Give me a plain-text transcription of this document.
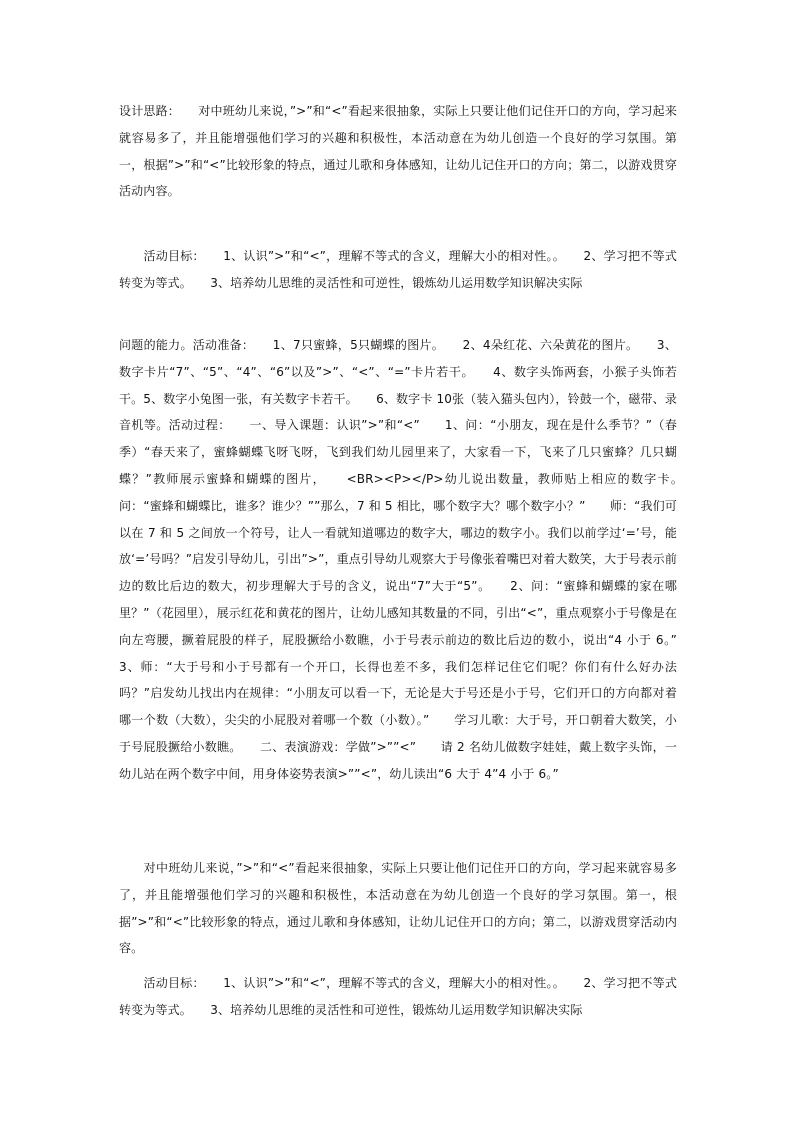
设计思路：　　对中班幼儿来说，”>”和“<”看起来很抽象，实际上只要让他们记住开口的方向，学习起来就容易多了，并且能增强他们学习的兴趣和积极性，本活动意在为幼儿创造一个良好的学习氛围。第一，根据”>”和“<”比较形象的特点，通过儿歌和身体感知，让幼儿记住开口的方向；第二，以游戏贯穿活动内容。

　　活动目标：　　1、认识”>”和“<”，理解不等式的含义，理解大小的相对性。。　　2、学习把不等式转变为等式。　　3、培养幼儿思维的灵活性和可逆性，锻炼幼儿运用数学知识解决实际

问题的能力。活动准备：　　1、7只蜜蜂，5只蝴蝶的图片。　　2、4朵红花、六朵黄花的图片。　　3、数字卡片“7”、“5”、“4”、“6”以及”>”、“<”、“=”卡片若干。　　4、数字头饰两套，小猴子头饰若干。5、数字小兔图一张，有关数字卡若干。　　6、数字卡 10张（装入猫头包内），铃鼓一个，磁带、录音机等。活动过程：　　一、导入课题：认识”>”和“<”　　1、问：“小朋友，现在是什么季节？”（春季）“春天来了，蜜蜂蝴蝶飞呀飞呀，飞到我们幼儿园里来了，大家看一下，飞来了几只蜜蜂？几只蝴蝶？”教师展示蜜蜂和蝴蝶的图片，　　<BR><P></P>幼儿说出数量，教师贴上相应的数字卡。　　问：“蜜蜂和蝴蝶比，谁多？谁少？””那么，7 和 5 相比，哪个数字大？哪个数字小？”　　师：“我们可以在 7 和 5 之间放一个符号，让人一看就知道哪边的数字大，哪边的数字小。我们以前学过‘=’号，能放‘=’号吗？”启发引导幼儿，引出”>”，重点引导幼儿观察大于号像张着嘴巴对着大数笑，大于号表示前边的数比后边的数大，初步理解大于号的含义，说出“7”大于“5”。　　2、问：“蜜蜂和蝴蝶的家在哪里？”（花园里），展示红花和黄花的图片，让幼儿感知其数量的不同，引出“<”，重点观察小于号像是在向左弯腰，撅着屁股的样子，屁股撅给小数瞧，小于号表示前边的数比后边的数小，说出“4 小于 6。”　　3、师：“大于号和小于号都有一个开口，长得也差不多，我们怎样记住它们呢？你们有什么好办法吗？”启发幼儿找出内在规律：“小朋友可以看一下，无论是大于号还是小于号，它们开口的方向都对着哪一个数（大数），尖尖的小屁股对着哪一个数（小数）。”　　学习儿歌：大于号，开口朝着大数笑，小于号屁股撅给小数瞧。　　二、表演游戏：学做”>””<”　　请 2 名幼儿做数字娃娃，戴上数字头饰，一幼儿站在两个数字中间，用身体姿势表演>””<”，幼儿读出“6 大于 4”4 小于 6。”

　　对中班幼儿来说，”>”和“<”看起来很抽象，实际上只要让他们记住开口的方向，学习起来就容易多了，并且能增强他们学习的兴趣和积极性，本活动意在为幼儿创造一个良好的学习氛围。第一，根据”>”和“<”比较形象的特点，通过儿歌和身体感知，让幼儿记住开口的方向；第二，以游戏贯穿活动内容。

　　活动目标：　　1、认识”>”和“<”，理解不等式的含义，理解大小的相对性。。　　2、学习把不等式转变为等式。　　3、培养幼儿思维的灵活性和可逆性，锻炼幼儿运用数学知识解决实际
